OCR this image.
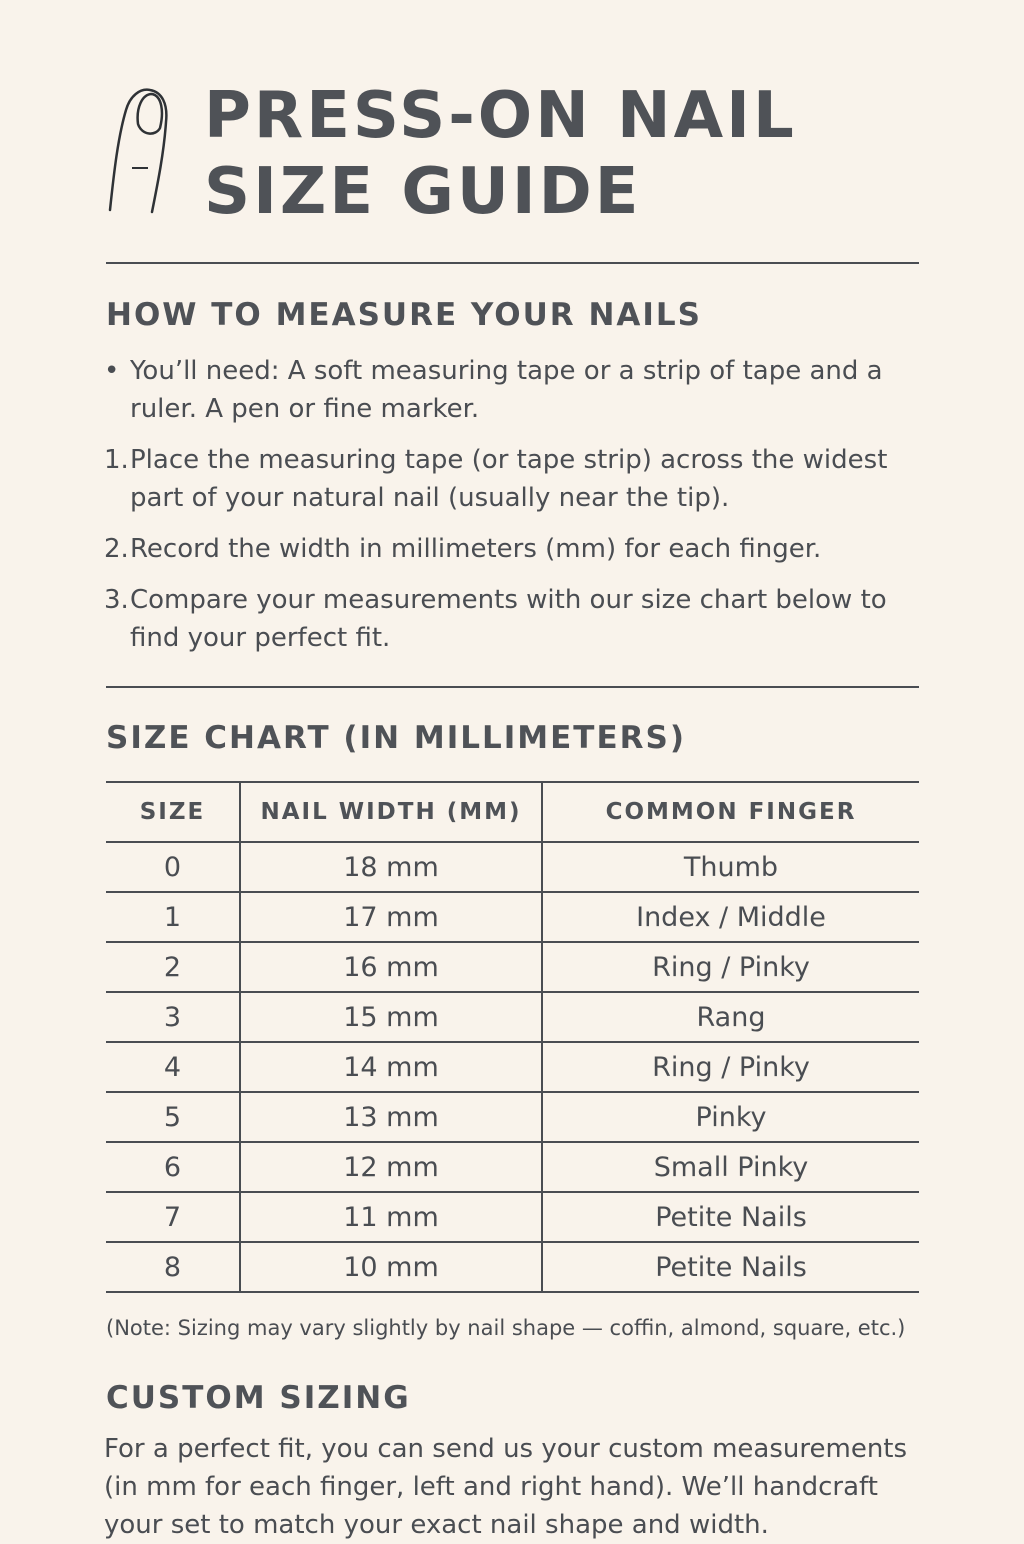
PRESS-ON NAIL
SIZE GUIDE
HOW TO MEASURE YOUR NAILS
• You’ll need: A soft measuring tape or a strip of tape and a ruler. A pen or fine marker.
1. Place the measuring tape (or tape strip) across the widest part of your natural nail (usually near the tip).
2. Record the width in millimeters (mm) for each finger.
3. Compare your measurements with our size chart below to find your perfect fit.
SIZE CHART (IN MILLIMETERS)
SIZE	NAIL WIDTH (MM)	COMMON FINGER
0	18 mm	Thumb
1	17 mm	Index / Middle
2	16 mm	Ring / Pinky
3	15 mm	Rang
4	14 mm	Ring / Pinky
5	13 mm	Pinky
6	12 mm	Small Pinky
7	11 mm	Petite Nails
8	10 mm	Petite Nails
(Note: Sizing may vary slightly by nail shape — coffin, almond, square, etc.)
CUSTOM SIZING

For a perfect fit, you can send us your custom measurements (in mm for each finger, left and right hand). We’ll handcraft your set to match your exact nail shape and width.
